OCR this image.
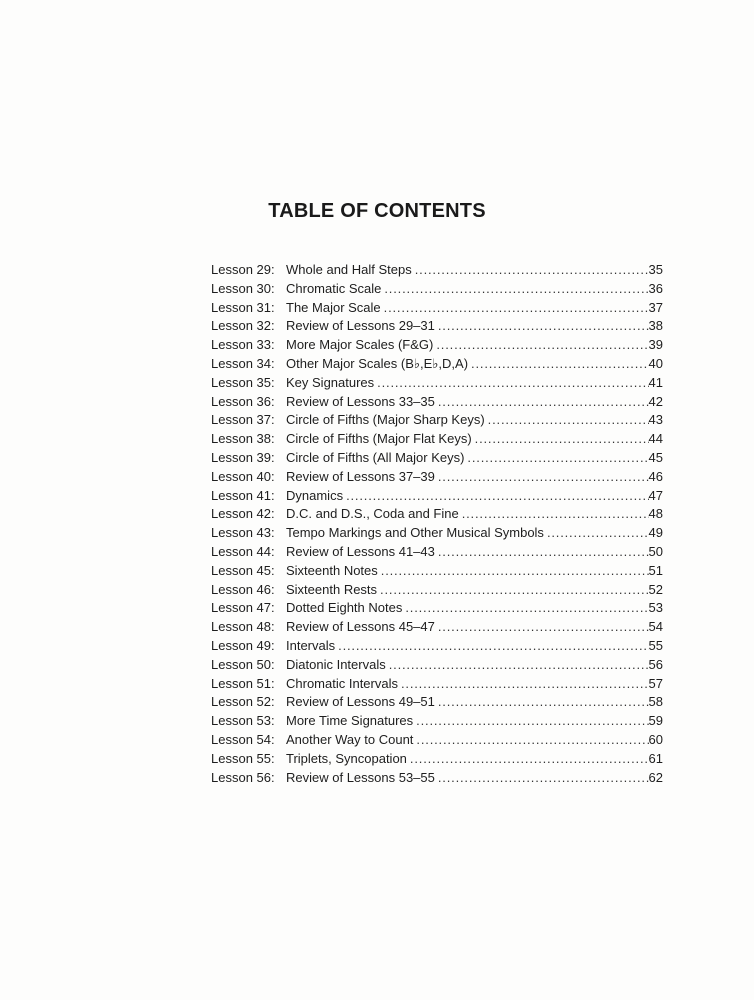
TABLE OF CONTENTS
Lesson 29: Whole and Half Steps . . .	35
Lesson 30: Chromatic Scale . . .	36
Lesson 31: The Major Scale . . .	37
Lesson 32: Review of Lessons 29–31 . . .	38
Lesson 33: More Major Scales (F&G) . . .	39
Lesson 34: Other Major Scales (B♭,E♭,D,A) . . .	40
Lesson 35: Key Signatures . . .	41
Lesson 36: Review of Lessons 33–35 . . .	42
Lesson 37: Circle of Fifths (Major Sharp Keys) . . .	43
Lesson 38: Circle of Fifths (Major Flat Keys) . . .	44
Lesson 39: Circle of Fifths (All Major Keys) . . .	45
Lesson 40: Review of Lessons 37–39 . . .	46
Lesson 41: Dynamics . . .	47
Lesson 42: D.C. and D.S., Coda and Fine . . .	48
Lesson 43: Tempo Markings and Other Musical Symbols . . .	49
Lesson 44: Review of Lessons 41–43 . . .	50
Lesson 45: Sixteenth Notes . . .	51
Lesson 46: Sixteenth Rests . . .	52
Lesson 47: Dotted Eighth Notes . . .	53
Lesson 48: Review of Lessons 45–47 . . .	54
Lesson 49: Intervals . . .	55
Lesson 50: Diatonic Intervals . . .	56
Lesson 51: Chromatic Intervals . . .	57
Lesson 52: Review of Lessons 49–51 . . .	58
Lesson 53: More Time Signatures . . .	59
Lesson 54: Another Way to Count . . .	60
Lesson 55: Triplets, Syncopation . . .	61
Lesson 56: Review of Lessons 53–55 . . .	62
